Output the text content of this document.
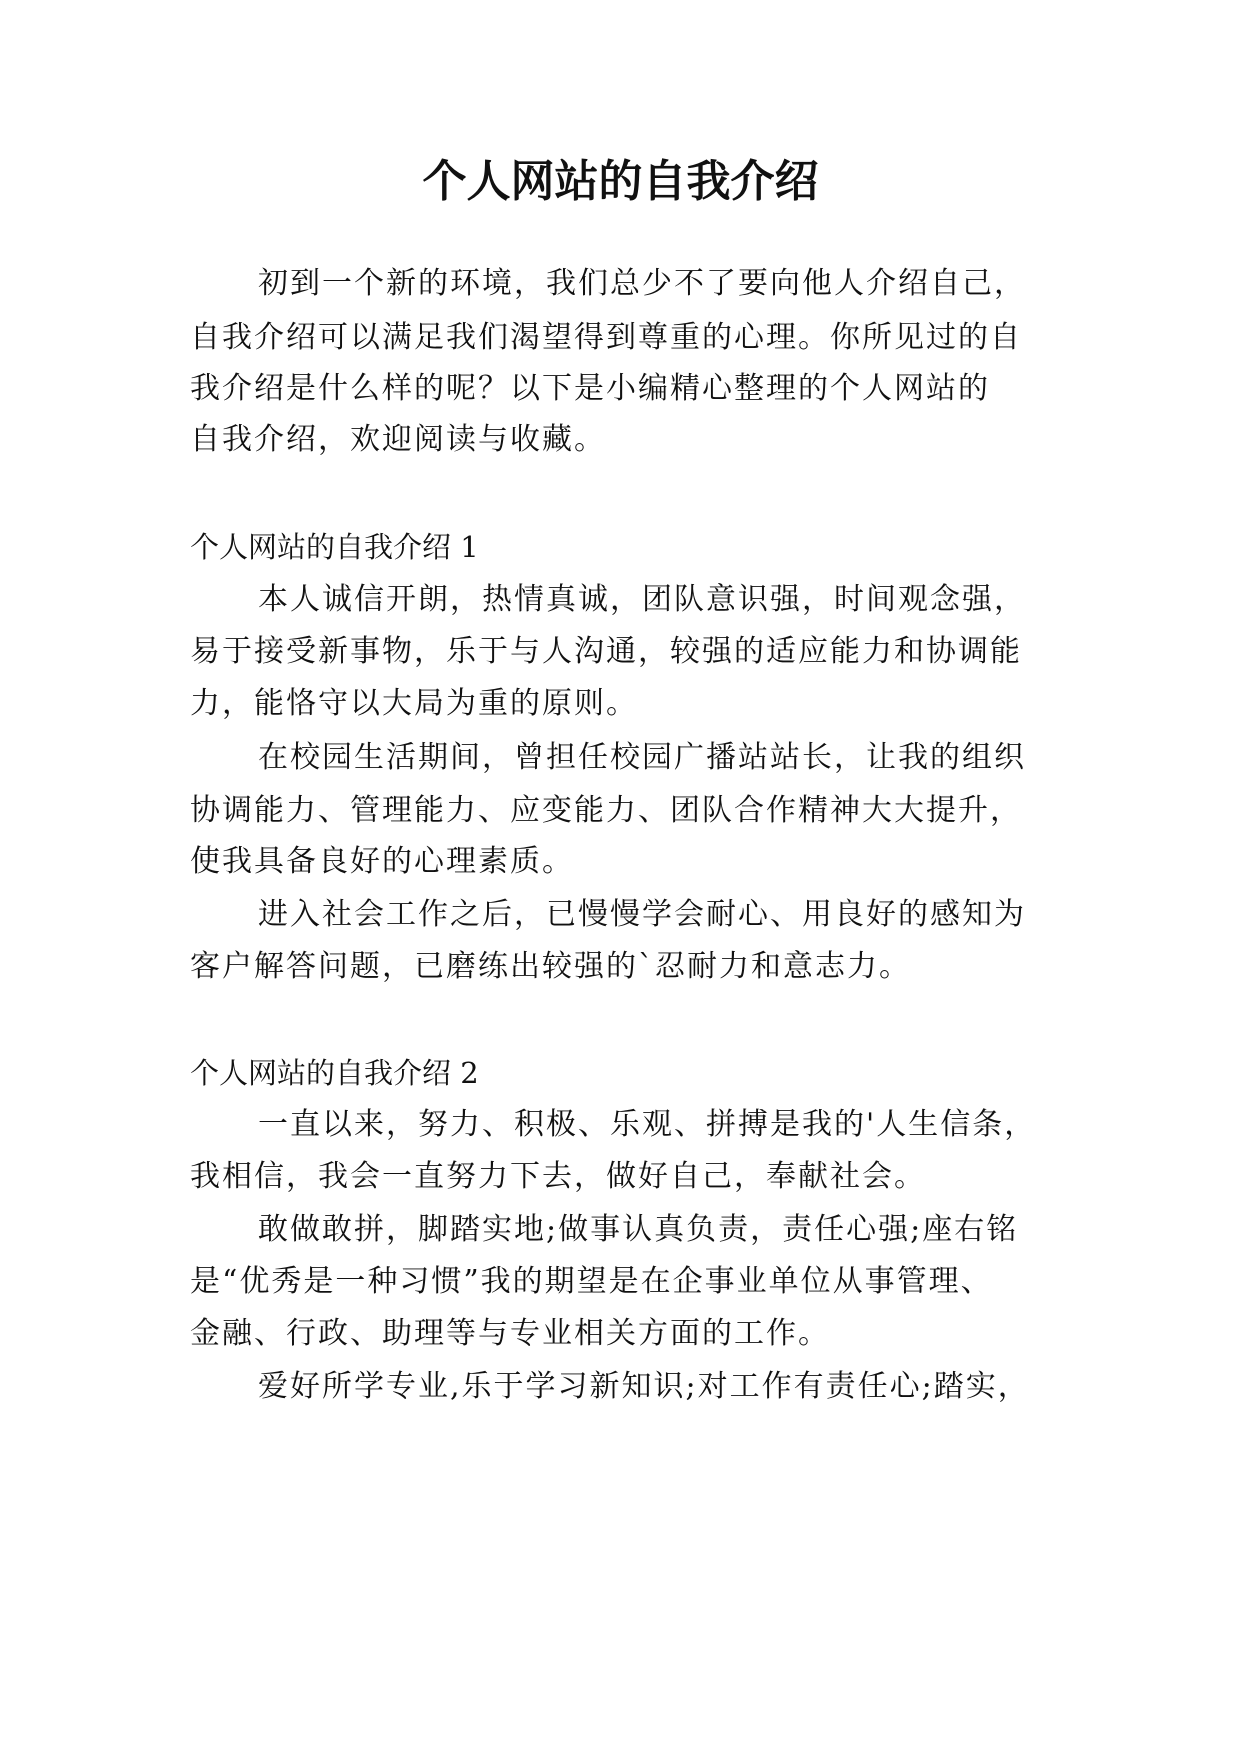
个人网站的自我介绍
初到一个新的环境，我们总少不了要向他人介绍自己，
自我介绍可以满足我们渴望得到尊重的心理。你所见过的自
我介绍是什么样的呢？以下是小编精心整理的个人网站的
自我介绍，欢迎阅读与收藏。
个人网站的自我介绍 1
本人诚信开朗，热情真诚，团队意识强，时间观念强，
易于接受新事物，乐于与人沟通，较强的适应能力和协调能
力，能恪守以大局为重的原则。
在校园生活期间，曾担任校园广播站站长，让我的组织
协调能力、管理能力、应变能力、团队合作精神大大提升，
使我具备良好的心理素质。
进入社会工作之后，已慢慢学会耐心、用良好的感知为
客户解答问题，已磨练出较强的`忍耐力和意志力。
个人网站的自我介绍 2
一直以来，努力、积极、乐观、拼搏是我的'人生信条，
我相信，我会一直努力下去，做好自己，奉献社会。
敢做敢拼，脚踏实地;做事认真负责，责任心强;座右铭
是“优秀是一种习惯”我的期望是在企事业单位从事管理、
金融、行政、助理等与专业相关方面的工作。
爱好所学专业,乐于学习新知识;对工作有责任心;踏实，
